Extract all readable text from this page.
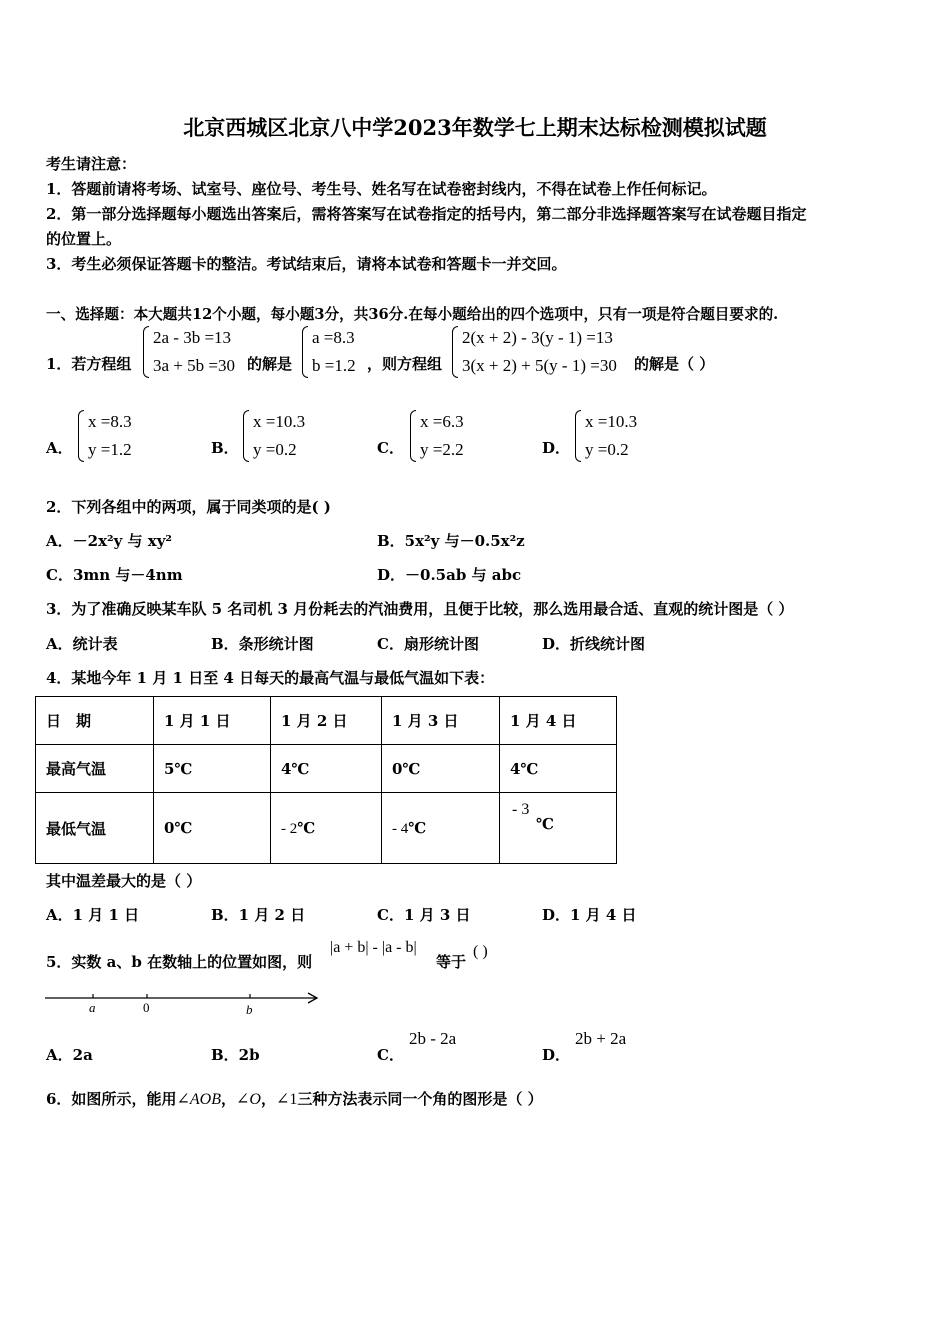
北京西城区北京八中学2023年数学七上期末达标检测模拟试题
考生请注意：
1．答题前请将考场、试室号、座位号、考生号、姓名写在试卷密封线内，不得在试卷上作任何标记。
2．第一部分选择题每小题选出答案后，需将答案写在试卷指定的括号内，第二部分非选择题答案写在试卷题目指定
的位置上。
3．考生必须保证答题卡的整洁。考试结束后，请将本试卷和答题卡一并交回。
一、选择题：本大题共12个小题，每小题3分，共36分.在每小题给出的四个选项中，只有一项是符合题目要求的.
1．若方程组
2a - 3b =13
3a + 5b =30 的解是
a =8.3
b =1.2 ，则方程组
2(x + 2) - 3(y - 1) =13
3(x + 2) + 5(y - 1) =30 的解是（ ）
A．
x =8.3
y =1.2	B．
x =10.3
y =0.2	C．
x =6.3
y =2.2	D．
x =10.3
y =0.2
2．下列各组中的两项，属于同类项的是( )
A．－2x²y 与 xy²	B．5x²y 与－0.5x²z
C．3mn 与－4nm	D．－0.5ab 与 abc
3．为了准确反映某车队 5 名司机 3 月份耗去的汽油费用，且便于比较，那么选用最合适、直观的统计图是（ ）
A．统计表	B．条形统计图	C．扇形统计图	D．折线统计图
4．某地今年 1 月 1 日至 4 日每天的最高气温与最低气温如下表：
日　期	1 月 1 日	1 月 2 日	1 月 3 日	1 月 4 日
最高气温	5℃	4℃	0℃	4℃
最低气温	0℃	- 2℃	- 4℃	- 3
℃
其中温差最大的是（ ）
A．1 月 1 日	B．1 月 2 日	C．1 月 3 日	D．1 月 4 日
5．实数 a、b 在数轴上的位置如图，则
|a + b| - |a - b|
等于
( )
a	0	b
A．2a	B．2b	C．
2b - 2a
D．
2b + 2a
6．如图所示，能用∠AOB，∠O，∠1三种方法表示同一个角的图形是（ ）
